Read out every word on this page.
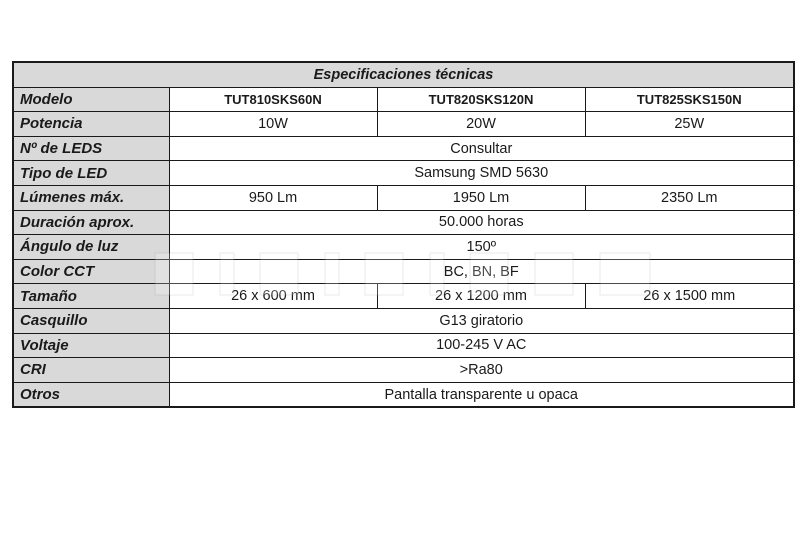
Especificaciones técnicas			
Modelo	TUT810SKS60N	TUT820SKS120N	TUT825SKS150N
Potencia	10W	20W	25W
Nº de LEDS	Consultar		
Tipo de LED	Samsung SMD 5630		
Lúmenes máx.	950 Lm	1950 Lm	2350 Lm
Duración aprox.	50.000 horas		
Ángulo de luz	150º		
Color CCT	BC, BN, BF		
Tamaño	26 x 600 mm	26 x 1200 mm	26 x 1500 mm
Casquillo	G13 giratorio		
Voltaje	100-245 V AC		
CRI	>Ra80		
Otros	Pantalla transparente u opaca		
